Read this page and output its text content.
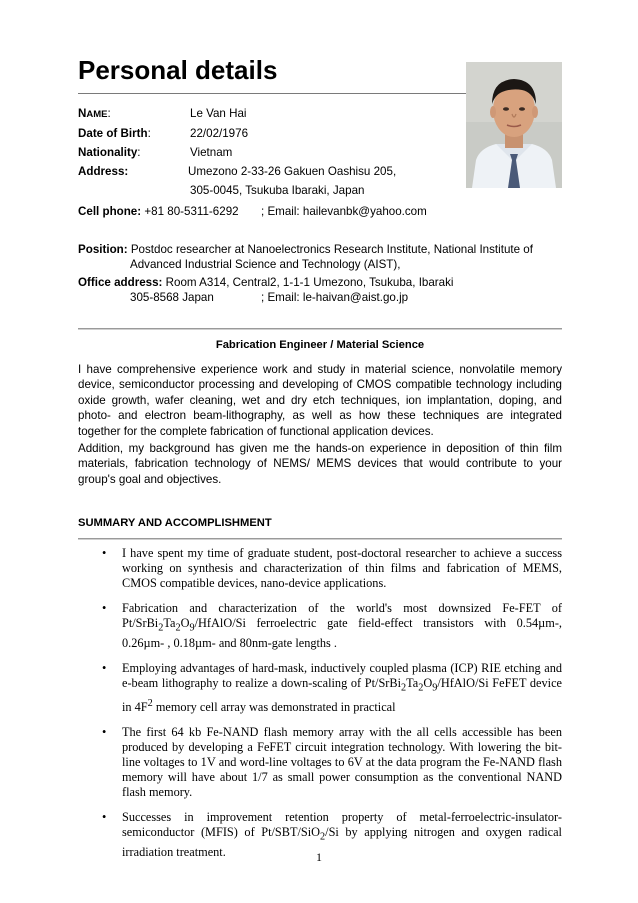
Personal details
NAME:	Le Van Hai
Date of Birth:	22/02/1976
Nationality:	Vietnam
Address:	Umezono 2-33-26 Gakuen Oashisu 205,
305-0045, Tsukuba Ibaraki, Japan
Cell phone: +81 80-5311-6292 ; Email: hailevanbk@yahoo.com
Position: Postdoc researcher at Nanoelectronics Research Institute, National Institute of
Advanced Industrial Science and Technology (AIST),
Office address: Room A314, Central2, 1-1-1 Umezono, Tsukuba, Ibaraki
305-8568 Japan	; Email: le-haivan@aist.go.jp
Fabrication Engineer / Material Science
I have comprehensive experience work and study in material science, nonvolatile memory device, semiconductor processing and developing of CMOS compatible technology including oxide growth, wafer cleaning, wet and dry etch techniques, ion implantation, doping, and photo- and electron beam-lithography, as well as how these techniques are integrated together for the complete fabrication of functional application devices.
Addition, my background has given me the hands-on experience in deposition of thin film materials, fabrication technology of NEMS/ MEMS devices that would contribute to your group's goal and objectives.
SUMMARY AND ACCOMPLISHMENT
• I have spent my time of graduate student, post-doctoral researcher to achieve a success working on synthesis and characterization of thin films and fabrication of MEMS, CMOS compatible devices, nano-device applications.
• Fabrication and characterization of the world's most downsized Fe-FET of $Pt/SrBi_2Ta_2O_9/HfAlO/Si$ ferroelectric gate field-effect transistors with 0.54µm-, 0.26µm- , 0.18µm- and 80nm-gate lengths .
• Employing advantages of hard-mask, inductively coupled plasma (ICP) RIE etching and e-beam lithography to realize a down-scaling of $Pt/SrBi_2Ta_2O_9/HfAlO/Si$ FeFET device in $4F^2$ memory cell array was demonstrated in practical
• The first 64 kb Fe-NAND flash memory array with the all cells accessible has been produced by developing a FeFET circuit integration technology. With lowering the bit-line voltages to 1V and word-line voltages to 6V at the data program the Fe-NAND flash memory will have about 1/7 as small power consumption as the conventional NAND flash memory.
• Successes in improvement retention property of metal-ferroelectric-insulator-semiconductor (MFIS) of Pt/SBT/SiO$_2$/Si by applying nitrogen and oxygen radical irradiation treatment.	1
